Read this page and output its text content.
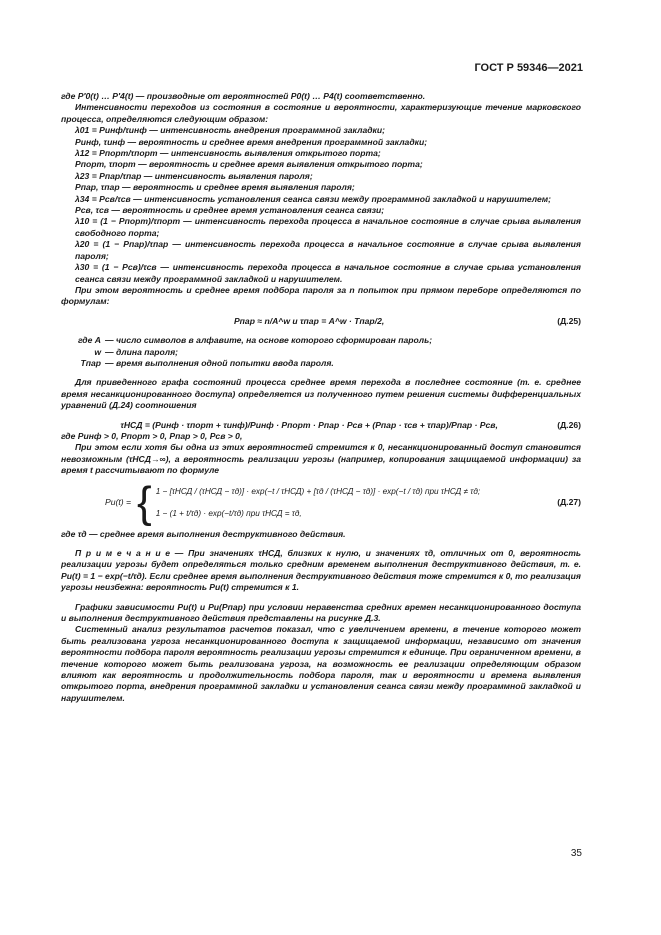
ГОСТ Р 59346—2021

где P′0(t) … P′4(t) — производные от вероятностей P0(t) … P4(t) соответственно.

Интенсивности переходов из состояния в состояние и вероятности, характеризующие течение марковского процесса, определяются следующим образом:

λ01 = Pинф/τинф — интенсивность внедрения программной закладки;

Pинф, τинф — вероятность и среднее время внедрения программной закладки;

λ12 = Pпорт/τпорт — интенсивность выявления открытого порта;

Pпорт, τпорт — вероятность и среднее время выявления открытого порта;

λ23 = Pпар/τпар — интенсивность выявления пароля;

Pпар, τпар — вероятность и среднее время выявления пароля;

λ34 = Pсв/τсв — интенсивность установления сеанса связи между программной закладкой и нарушителем;

Pсв, τсв — вероятность и среднее время установления сеанса связи;

λ10 = (1 − Pпорт)/τпорт — интенсивность перехода процесса в начальное состояние в случае срыва выявления свободного порта;

λ20 = (1 − Pпар)/τпар — интенсивность перехода процесса в начальное состояние в случае срыва выявления пароля;

λ30 = (1 − Pсв)/τсв — интенсивность перехода процесса в начальное состояние в случае срыва установления сеанса связи между программной закладкой и нарушителем.

При этом вероятность и среднее время подбора пароля за n попыток при прямом переборе определяются по формулам:

Pпар ≈ n/A^w и τпар = A^w · Tпар/2,	(Д.25)
где A — число символов в алфавите, на основе которого сформирован пароль;
w — длина пароля;
Tпар — время выполнения одной попытки ввода пароля.

Для приведенного графа состояний процесса среднее время перехода в последнее состояние (т. е. среднее время несанкционированного доступа) определяется из полученного путем решения системы дифференциальных уравнений (Д.24) соотношения

τНСД = (Pинф · τпорт + τинф)/Pинф · Pпорт · Pпар · Pсв + (Pпар · τсв + τпар)/Pпар · Pсв,	(Д.26)

где Pинф > 0, Pпорт > 0, Pпар > 0, Pсв > 0,

При этом если хотя бы одна из этих вероятностей стремится к 0, несанкционированный доступ становится невозможным (τНСД→∞), а вероятность реализации угрозы (например, копирования защищаемой информации) за время t рассчитывают по формуле

Pu(t) = { 1 − [τНСД / (τНСД − τд)] · exp(−t / τНСД) + [τд / (τНСД − τд)] · exp(−t / τд) при τНСД ≠ τд;
1 − (1 + t/τд) · exp(−t/τд) при τНСД = τд,
(Д.27)

где τд — среднее время выполнения деструктивного действия.

П р и м е ч а н и е — При значениях τНСД, близких к нулю, и значениях τд, отличных от 0, вероятность реализации угрозы будет определяться только средним временем выполнения деструктивного действия, т. е. Pu(t) = 1 − exp(−t/τд). Если среднее время выполнения деструктивного действия тоже стремится к 0, то реализация угрозы неизбежна: вероятность Pu(t) стремится к 1.

Графики зависимости Pu(t) и Pu(Pпар) при условии неравенства средних времен несанкционированного доступа и выполнения деструктивного действия представлены на рисунке Д.3.

Системный анализ результатов расчетов показал, что с увеличением времени, в течение которого может быть реализована угроза несанкционированного доступа к защищаемой информации, независимо от значения вероятности подбора пароля вероятность реализации угрозы стремится к единице. При ограниченном времени, в течение которого может быть реализована угроза, на возможность ее реализации определяющим образом влияют как вероятность и продолжительность подбора пароля, так и вероятности и времена выявления открытого порта, внедрения программной закладки и установления сеанса связи между программной закладкой и нарушителем.

35
